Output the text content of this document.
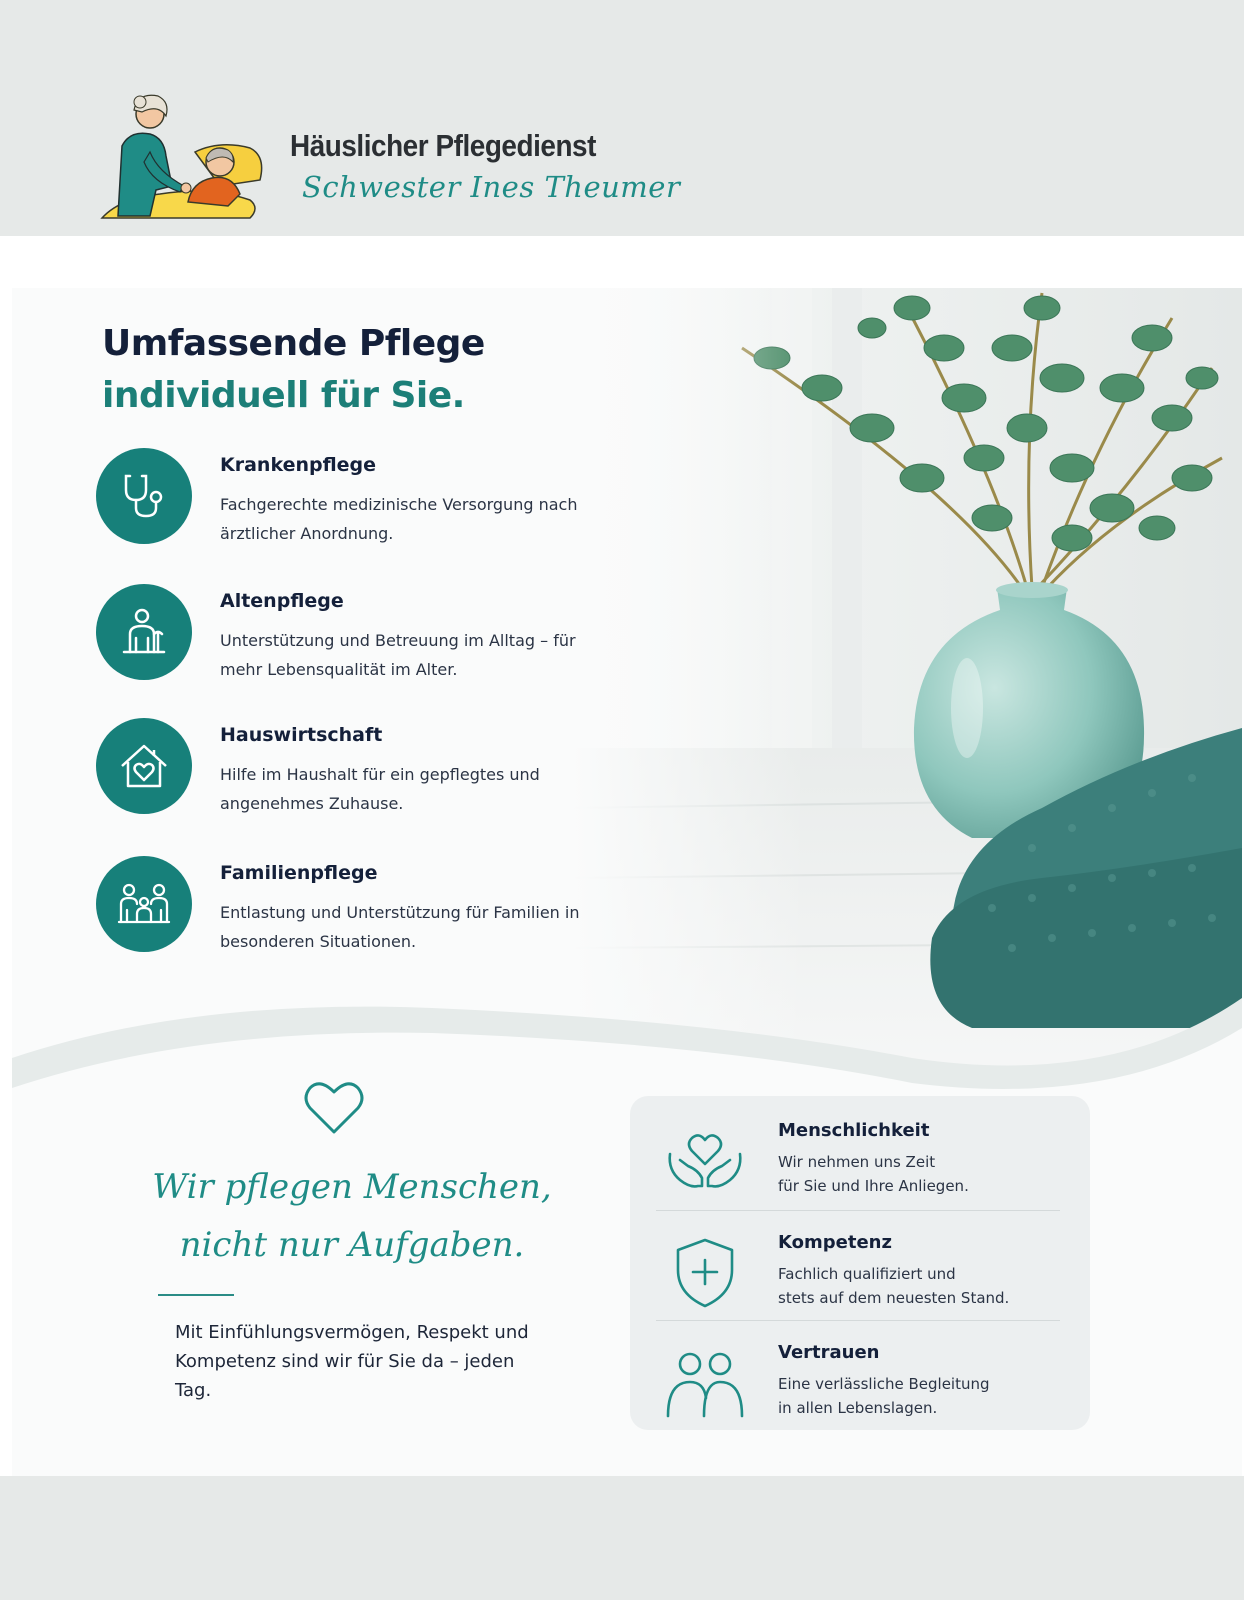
Häuslicher Pflegedienst
Schwester Ines Theumer
Umfassende Pflege
individuell für Sie.
Krankenpflege
Fachgerechte medizinische Versorgung nach ärztlicher Anordnung.
Altenpflege
Unterstützung und Betreuung im Alltag – für mehr Lebensqualität im Alter.
Hauswirtschaft
Hilfe im Haushalt für ein gepflegtes und angenehmes Zuhause.
Familienpflege
Entlastung und Unterstützung für Familien in besonderen Situationen.
Wir pflegen Menschen,
nicht nur Aufgaben.
Mit Einfühlungsvermögen, Respekt und Kompetenz sind wir für Sie da – jeden Tag.
Menschlichkeit
Wir nehmen uns Zeit
für Sie und Ihre Anliegen.
Kompetenz
Fachlich qualifiziert und
stets auf dem neuesten Stand.
Vertrauen
Eine verlässliche Begleitung
in allen Lebenslagen.
